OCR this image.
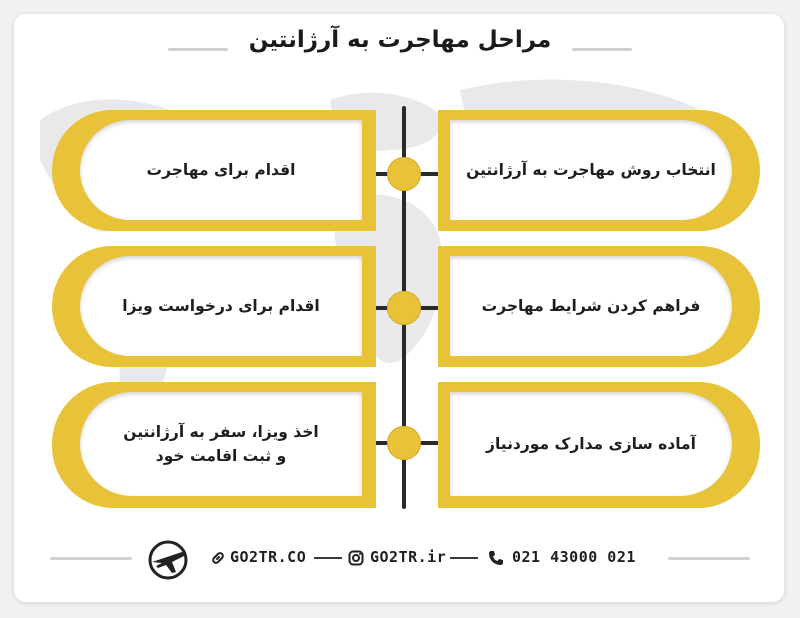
مراحل مهاجرت به آرژانتین
اقدام برای مهاجرت
اقدام برای درخواست ویزا
اخذ ویزا، سفر به آرژانتین
و ثبت اقامت خود
انتخاب روش مهاجرت به آرژانتین
فراهم کردن شرایط مهاجرت
آماده سازی مدارک موردنیاز
GO2TR.CO	GO2TR.ir	021 43000 021
